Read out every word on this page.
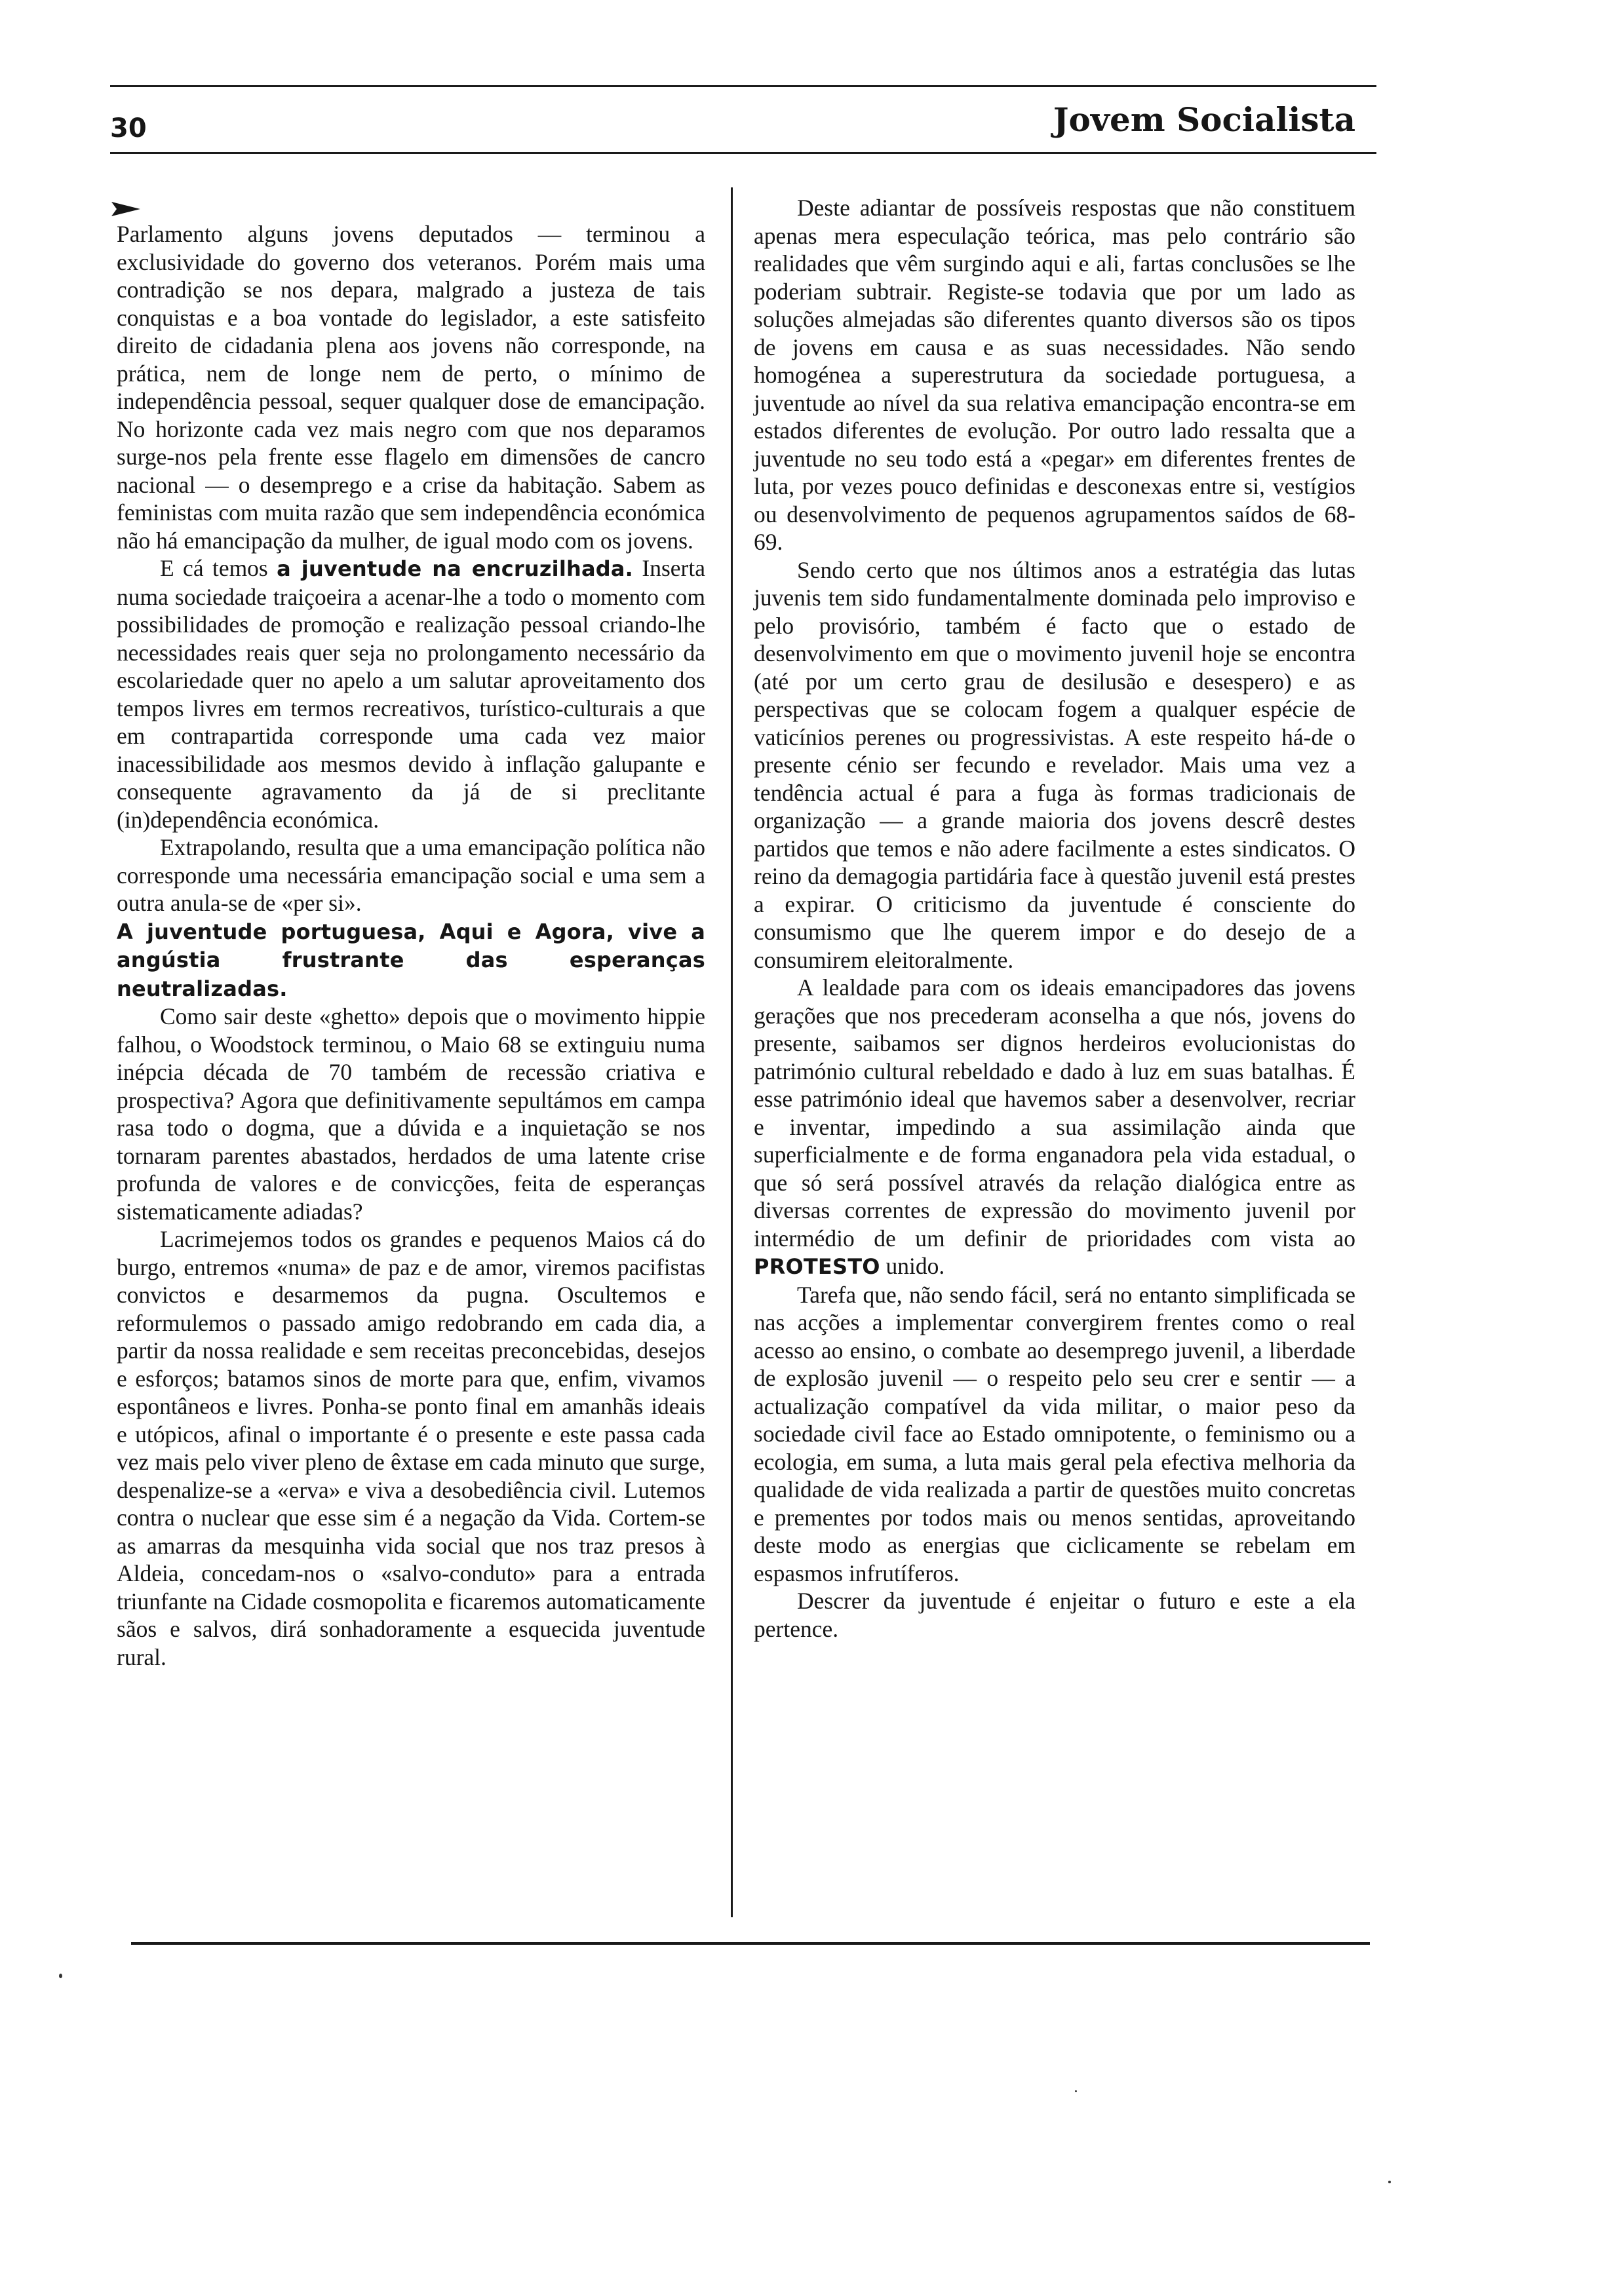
30	Jovem Socialista

Parlamento alguns jovens deputados — terminou a exclusividade do governo dos veteranos. Porém mais uma contradição se nos depara, malgrado a justeza de tais conquistas e a boa vontade do legislador, a este satisfeito direito de cidadania plena aos jovens não corresponde, na prática, nem de longe nem de perto, o mínimo de independência pessoal, sequer qualquer dose de emancipação. No horizonte cada vez mais negro com que nos deparamos surge-nos pela frente esse flagelo em dimensões de cancro nacional — o desemprego e a crise da habitação. Sabem as feministas com muita razão que sem independência económica não há emancipação da mulher, de igual modo com os jovens.

E cá temos a juventude na encruzilhada. Inserta numa sociedade traiçoeira a acenar-lhe a todo o momento com possibilidades de promoção e realização pessoal criando-lhe necessidades reais quer seja no prolongamento necessário da escolariedade quer no apelo a um salutar aproveitamento dos tempos livres em termos recreativos, turístico-culturais a que em contrapartida corresponde uma cada vez maior inacessibilidade aos mesmos devido à inflação galupante e consequente agravamento da já de si preclitante (in)dependência económica.

Extrapolando, resulta que a uma emancipação política não corresponde uma necessária emancipação social e uma sem a outra anula-se de «per si».

A juventude portuguesa, Aqui e Agora, vive a angústia frustrante das esperanças neutralizadas.

Como sair deste «ghetto» depois que o movimento hippie falhou, o Woodstock terminou, o Maio 68 se extinguiu numa inépcia década de 70 também de recessão criativa e prospectiva? Agora que definitivamente sepultámos em campa rasa todo o dogma, que a dúvida e a inquietação se nos tornaram parentes abastados, herdados de uma latente crise profunda de valores e de convicções, feita de esperanças sistematicamente adiadas?

Lacrimejemos todos os grandes e pequenos Maios cá do burgo, entremos «numa» de paz e de amor, viremos pacifistas convictos e desarmemos da pugna. Oscultemos e reformulemos o passado amigo redobrando em cada dia, a partir da nossa realidade e sem receitas preconcebidas, desejos e esforços; batamos sinos de morte para que, enfim, vivamos espontâneos e livres. Ponha-se ponto final em amanhãs ideais e utópicos, afinal o importante é o presente e este passa cada vez mais pelo viver pleno de êxtase em cada minuto que surge, despenalize-se a «erva» e viva a desobediência civil. Lutemos contra o nuclear que esse sim é a negação da Vida. Cortem-se as amarras da mesquinha vida social que nos traz presos à Aldeia, concedam-nos o «salvo-conduto» para a entrada triunfante na Cidade cosmopolita e ficaremos automaticamente sãos e salvos, dirá sonhadoramente a esquecida juventude rural.

Deste adiantar de possíveis respostas que não constituem apenas mera especulação teórica, mas pelo contrário são realidades que vêm surgindo aqui e ali, fartas conclusões se lhe poderiam subtrair. Registe-se todavia que por um lado as soluções almejadas são diferentes quanto diversos são os tipos de jovens em causa e as suas necessidades. Não sendo homogénea a superestrutura da sociedade portuguesa, a juventude ao nível da sua relativa emancipação encontra-se em estados diferentes de evolução. Por outro lado ressalta que a juventude no seu todo está a «pegar» em diferentes frentes de luta, por vezes pouco definidas e desconexas entre si, vestígios ou desenvolvimento de pequenos agrupamentos saídos de 68-69.

Sendo certo que nos últimos anos a estratégia das lutas juvenis tem sido fundamentalmente dominada pelo improviso e pelo provisório, também é facto que o estado de desenvolvimento em que o movimento juvenil hoje se encontra (até por um certo grau de desilusão e desespero) e as perspectivas que se colocam fogem a qualquer espécie de vaticínios perenes ou progressivistas. A este respeito há-de o presente cénio ser fecundo e revelador. Mais uma vez a tendência actual é para a fuga às formas tradicionais de organização — a grande maioria dos jovens descrê destes partidos que temos e não adere facilmente a estes sindicatos. O reino da demagogia partidária face à questão juvenil está prestes a expirar. O criticismo da juventude é consciente do consumismo que lhe querem impor e do desejo de a consumirem eleitoralmente.

A lealdade para com os ideais emancipadores das jovens gerações que nos precederam aconselha a que nós, jovens do presente, saibamos ser dignos herdeiros evolucionistas do património cultural rebeldado e dado à luz em suas batalhas. É esse património ideal que havemos saber a desenvolver, recriar e inventar, impedindo a sua assimilação ainda que superficialmente e de forma enganadora pela vida estadual, o que só será possível através da relação dialógica entre as diversas correntes de expressão do movimento juvenil por intermédio de um definir de prioridades com vista ao PROTESTO unido.

Tarefa que, não sendo fácil, será no entanto simplificada se nas acções a implementar convergirem frentes como o real acesso ao ensino, o combate ao desemprego juvenil, a liberdade de explosão juvenil — o respeito pelo seu crer e sentir — a actualização compatível da vida militar, o maior peso da sociedade civil face ao Estado omnipotente, o feminismo ou a ecologia, em suma, a luta mais geral pela efectiva melhoria da qualidade de vida realizada a partir de questões muito concretas e prementes por todos mais ou menos sentidas, aproveitando deste modo as energias que ciclicamente se rebelam em espasmos infrutíferos.

Descrer da juventude é enjeitar o futuro e este a ela pertence.
